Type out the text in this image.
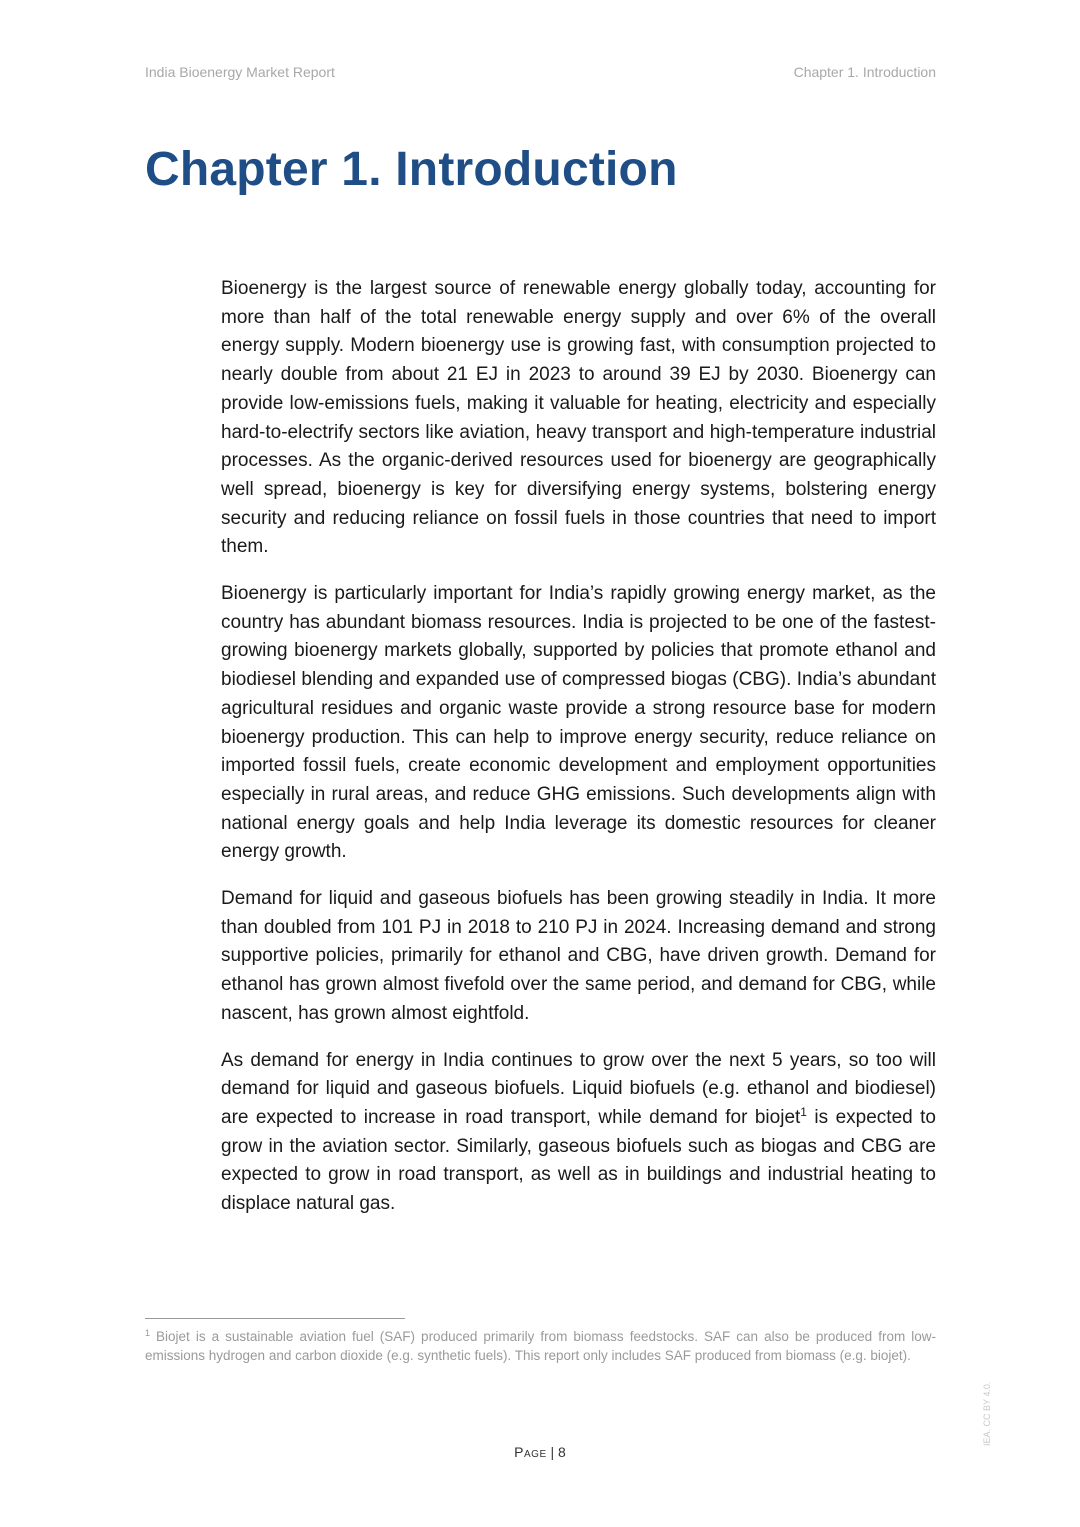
India Bioenergy Market Report	Chapter 1. Introduction
Chapter 1. Introduction

Bioenergy is the largest source of renewable energy globally today, accounting for more than half of the total renewable energy supply and over 6% of the overall energy supply. Modern bioenergy use is growing fast, with consumption projected to nearly double from about 21 EJ in 2023 to around 39 EJ by 2030. Bioenergy can provide low-emissions fuels, making it valuable for heating, electricity and especially hard-to-electrify sectors like aviation, heavy transport and high-temperature industrial processes. As the organic-derived resources used for bioenergy are geographically well spread, bioenergy is key for diversifying energy systems, bolstering energy security and reducing reliance on fossil fuels in those countries that need to import them.

Bioenergy is particularly important for India’s rapidly growing energy market, as the country has abundant biomass resources. India is projected to be one of the fastest-growing bioenergy markets globally, supported by policies that promote ethanol and biodiesel blending and expanded use of compressed biogas (CBG). India’s abundant agricultural residues and organic waste provide a strong resource base for modern bioenergy production. This can help to improve energy security, reduce reliance on imported fossil fuels, create economic development and employment opportunities especially in rural areas, and reduce GHG emissions. Such developments align with national energy goals and help India leverage its domestic resources for cleaner energy growth.

Demand for liquid and gaseous biofuels has been growing steadily in India. It more than doubled from 101 PJ in 2018 to 210 PJ in 2024. Increasing demand and strong supportive policies, primarily for ethanol and CBG, have driven growth. Demand for ethanol has grown almost fivefold over the same period, and demand for CBG, while nascent, has grown almost eightfold.

As demand for energy in India continues to grow over the next 5 years, so too will demand for liquid and gaseous biofuels. Liquid biofuels (e.g. ethanol and biodiesel) are expected to increase in road transport, while demand for biojet$^1$ is expected to grow in the aviation sector. Similarly, gaseous biofuels such as biogas and CBG are expected to grow in road transport, as well as in buildings and industrial heating to displace natural gas.

$^1$ Biojet is a sustainable aviation fuel (SAF) produced primarily from biomass feedstocks. SAF can also be produced from low-emissions hydrogen and carbon dioxide (e.g. synthetic fuels). This report only includes SAF produced from biomass (e.g. biojet).

Page | 8
IEA. CC BY 4.0.
